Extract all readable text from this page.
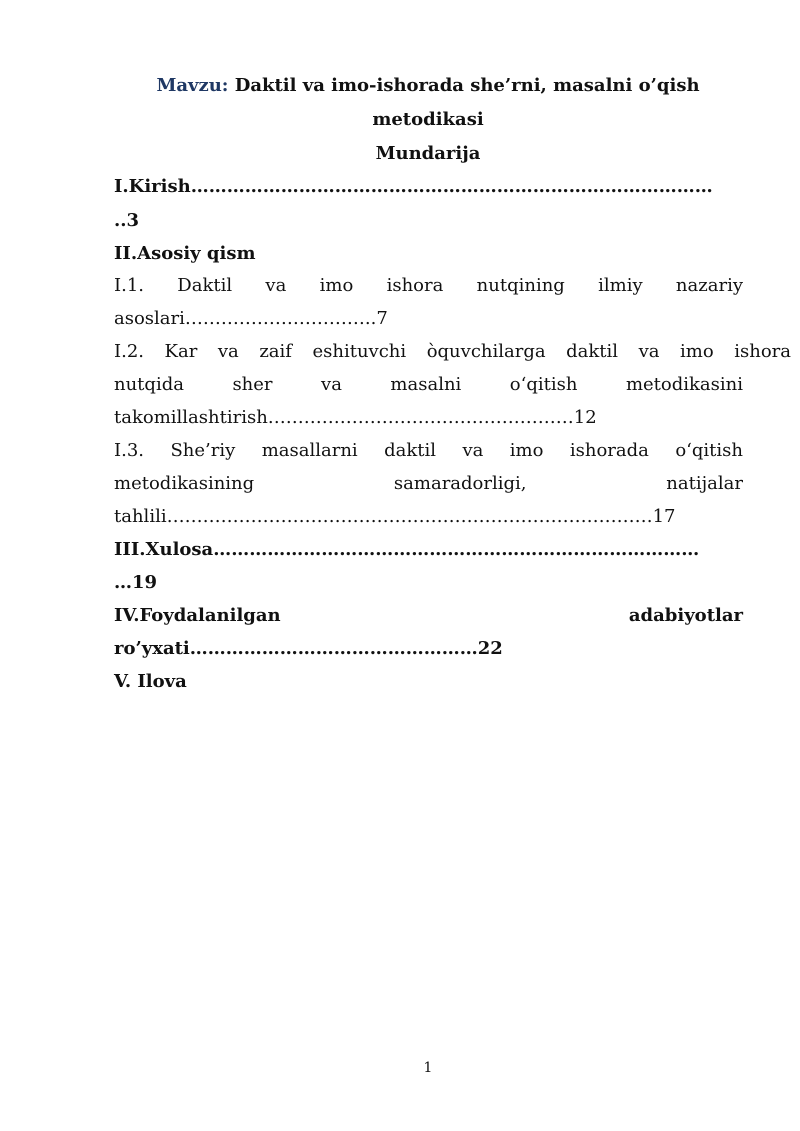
Mavzu: Daktil va imo-ishorada she’rni, masalni o’qish
metodikasi
Mundarija
I.Kirish……………………………………………………………………………
..3
II.Asosiy qism
I.1. Daktil va imo ishora nutqining ilmiy nazariy
asoslari…………………………..7
I.2. Kar va zaif eshituvchi òquvchilarga daktil va imo ishora
nutqida sher va masalni o‘qitish metodikasini
takomillashtirish……………………………………………12
I.3. She’riy masallarni daktil va imo ishorada o‘qitish
metodikasining samaradorligi, natijalar
tahlili………………………………………………………………………17
III.Xulosa………………………………………………………………………
…19
IV.Foydalanilgan	adabiyotlar
ro’yxati…………………………………………22
V. Ilova
1
